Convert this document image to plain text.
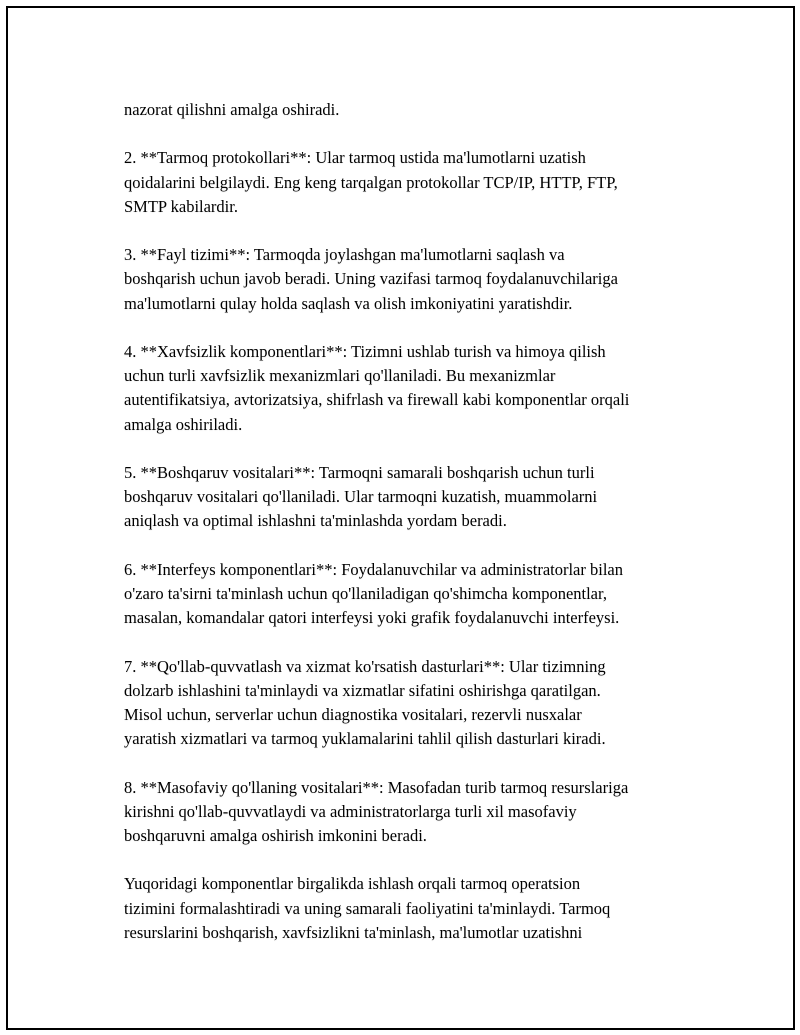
nazorat qilishni amalga oshiradi.

2. **Tarmoq protokollari**: Ular tarmoq ustida ma'lumotlarni uzatish
qoidalarini belgilaydi. Eng keng tarqalgan protokollar TCP/IP, HTTP, FTP,
SMTP kabilardir.

3. **Fayl tizimi**: Tarmoqda joylashgan ma'lumotlarni saqlash va
boshqarish uchun javob beradi. Uning vazifasi tarmoq foydalanuvchilariga
ma'lumotlarni qulay holda saqlash va olish imkoniyatini yaratishdir.

4. **Xavfsizlik komponentlari**: Tizimni ushlab turish va himoya qilish
uchun turli xavfsizlik mexanizmlari qo'llaniladi. Bu mexanizmlar
autentifikatsiya, avtorizatsiya, shifrlash va firewall kabi komponentlar orqali
amalga oshiriladi.

5. **Boshqaruv vositalari**: Tarmoqni samarali boshqarish uchun turli
boshqaruv vositalari qo'llaniladi. Ular tarmoqni kuzatish, muammolarni
aniqlash va optimal ishlashni ta'minlashda yordam beradi.

6. **Interfeys komponentlari**: Foydalanuvchilar va administratorlar bilan
o'zaro ta'sirni ta'minlash uchun qo'llaniladigan qo'shimcha komponentlar,
masalan, komandalar qatori interfeysi yoki grafik foydalanuvchi interfeysi.

7. **Qo'llab-quvvatlash va xizmat ko'rsatish dasturlari**: Ular tizimning
dolzarb ishlashini ta'minlaydi va xizmatlar sifatini oshirishga qaratilgan.
Misol uchun, serverlar uchun diagnostika vositalari, rezervli nusxalar
yaratish xizmatlari va tarmoq yuklamalarini tahlil qilish dasturlari kiradi.

8. **Masofaviy qo'llaning vositalari**: Masofadan turib tarmoq resurslariga
kirishni qo'llab-quvvatlaydi va administratorlarga turli xil masofaviy
boshqaruvni amalga oshirish imkonini beradi.

Yuqoridagi komponentlar birgalikda ishlash orqali tarmoq operatsion
tizimini formalashtiradi va uning samarali faoliyatini ta'minlaydi. Tarmoq
resurslarini boshqarish, xavfsizlikni ta'minlash, ma'lumotlar uzatishni
